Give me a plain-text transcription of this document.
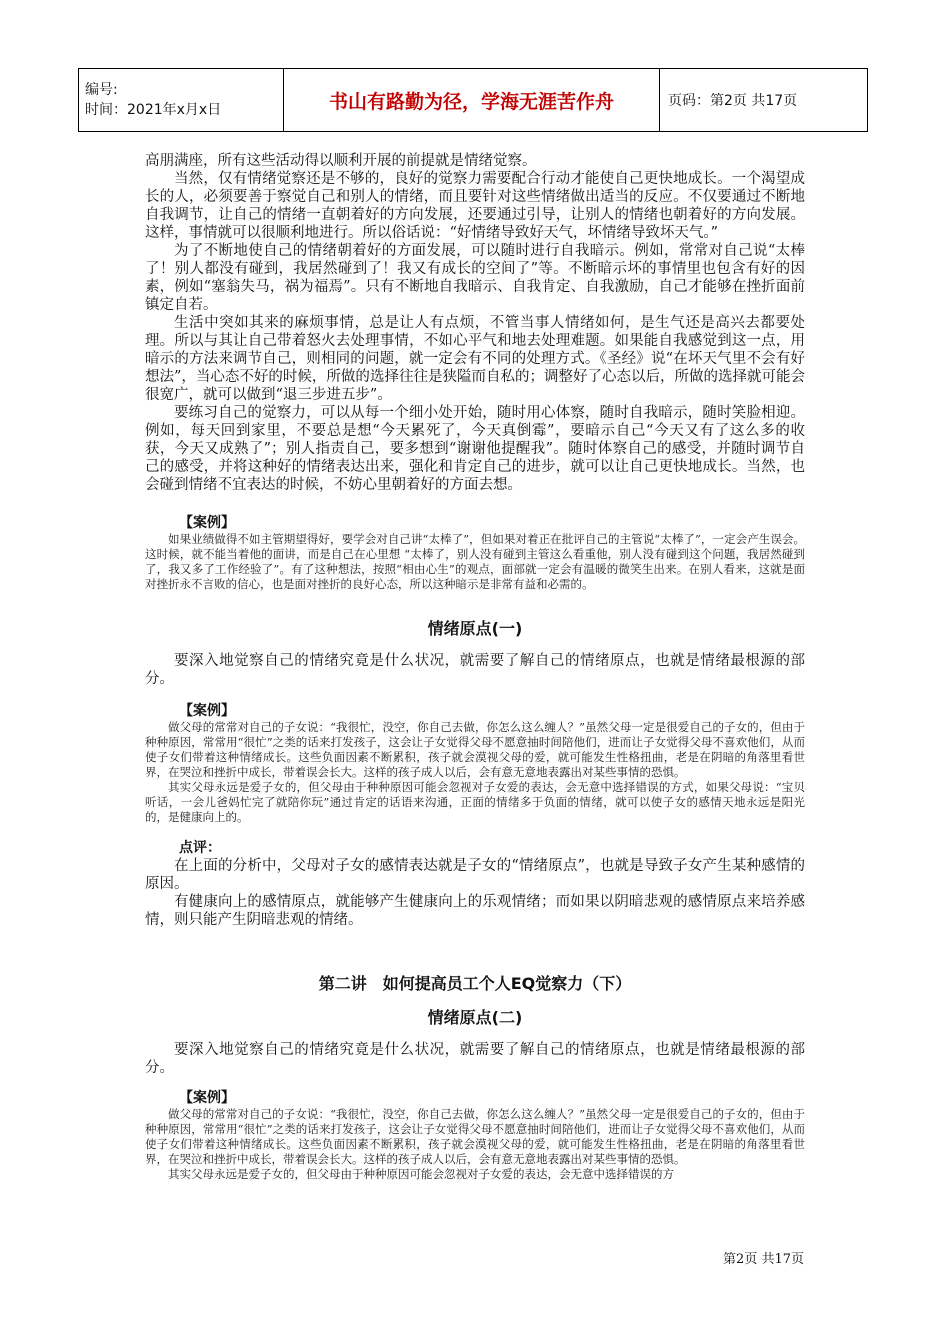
编号:
时间：2021年x月x日	书山有路勤为径，学海无涯苦作舟	页码：第2页 共17页

高朋满座，所有这些活动得以顺利开展的前提就是情绪觉察。

当然，仅有情绪觉察还是不够的，良好的觉察力需要配合行动才能使自己更快地成长。一个渴望成长的人，必须要善于察觉自己和别人的情绪，而且要针对这些情绪做出适当的反应。不仅要通过不断地自我调节，让自己的情绪一直朝着好的方向发展，还要通过引导，让别人的情绪也朝着好的方向发展。这样，事情就可以很顺利地进行。所以俗话说：“好情绪导致好天气，坏情绪导致坏天气。”

为了不断地使自己的情绪朝着好的方面发展，可以随时进行自我暗示。例如，常常对自己说“太棒了！别人都没有碰到，我居然碰到了！我又有成长的空间了”等。不断暗示坏的事情里也包含有好的因素，例如“塞翁失马，祸为福焉”。只有不断地自我暗示、自我肯定、自我激励，自己才能够在挫折面前镇定自若。

生活中突如其来的麻烦事情，总是让人有点烦，不管当事人情绪如何，是生气还是高兴去都要处理。所以与其让自己带着怒火去处理事情，不如心平气和地去处理难题。如果能自我感觉到这一点，用暗示的方法来调节自己，则相同的问题，就一定会有不同的处理方式。《圣经》说“在坏天气里不会有好想法”，当心态不好的时候，所做的选择往往是狭隘而自私的；调整好了心态以后，所做的选择就可能会很宽广，就可以做到“退三步进五步”。

要练习自己的觉察力，可以从每一个细小处开始，随时用心体察，随时自我暗示，随时笑脸相迎。例如，每天回到家里，不要总是想“今天累死了，今天真倒霉”，要暗示自己“今天又有了这么多的收获，今天又成熟了”；别人指责自己，要多想到“谢谢他提醒我”。随时体察自己的感受，并随时调节自己的感受，并将这种好的情绪表达出来，强化和肯定自己的进步，就可以让自己更快地成长。当然，也会碰到情绪不宜表达的时候，不妨心里朝着好的方面去想。

【案例】

如果业绩做得不如主管期望得好，要学会对自己讲“太棒了”，但如果对着正在批评自己的主管说“太棒了”，一定会产生误会。这时候，就不能当着他的面讲，而是自己在心里想 “太棒了，别人没有碰到主管这么看重他，别人没有碰到这个问题，我居然碰到了，我又多了工作经验了”。有了这种想法，按照“相由心生”的观点，面部就一定会有温暖的微笑生出来。在别人看来，这就是面对挫折永不言败的信心，也是面对挫折的良好心态，所以这种暗示是非常有益和必需的。

情绪原点(一)

要深入地觉察自己的情绪究竟是什么状况，就需要了解自己的情绪原点，也就是情绪最根源的部分。

【案例】

做父母的常常对自己的子女说：“我很忙，没空，你自己去做，你怎么这么缠人？”虽然父母一定是很爱自己的子女的，但由于种种原因，常常用“很忙”之类的话来打发孩子，这会让子女觉得父母不愿意抽时间陪他们，进而让子女觉得父母不喜欢他们，从而使子女们带着这种情绪成长。这些负面因素不断累积，孩子就会漠视父母的爱，就可能发生性格扭曲，老是在阴暗的角落里看世界，在哭泣和挫折中成长，带着误会长大。这样的孩子成人以后，会有意无意地表露出对某些事情的恐惧。

其实父母永远是爱子女的，但父母由于种种原因可能会忽视对子女爱的表达，会无意中选择错误的方式，如果父母说：“宝贝听话，一会儿爸妈忙完了就陪你玩”通过肯定的话语来沟通，正面的情绪多于负面的情绪，就可以使子女的感情天地永远是阳光的，是健康向上的。

点评：

在上面的分析中，父母对子女的感情表达就是子女的“情绪原点”，也就是导致子女产生某种感情的原因。

有健康向上的感情原点，就能够产生健康向上的乐观情绪；而如果以阴暗悲观的感情原点来培养感情，则只能产生阴暗悲观的情绪。

第二讲　如何提高员工个人EQ觉察力（下）
情绪原点(二)

要深入地觉察自己的情绪究竟是什么状况，就需要了解自己的情绪原点，也就是情绪最根源的部分。

【案例】

做父母的常常对自己的子女说：“我很忙，没空，你自己去做，你怎么这么缠人？”虽然父母一定是很爱自己的子女的，但由于种种原因，常常用“很忙”之类的话来打发孩子，这会让子女觉得父母不愿意抽时间陪他们，进而让子女觉得父母不喜欢他们，从而使子女们带着这种情绪成长。这些负面因素不断累积，孩子就会漠视父母的爱，就可能发生性格扭曲，老是在阴暗的角落里看世界，在哭泣和挫折中成长，带着误会长大。这样的孩子成人以后，会有意无意地表露出对某些事情的恐惧。

其实父母永远是爱子女的，但父母由于种种原因可能会忽视对子女爱的表达，会无意中选择错误的方

第2页 共17页
